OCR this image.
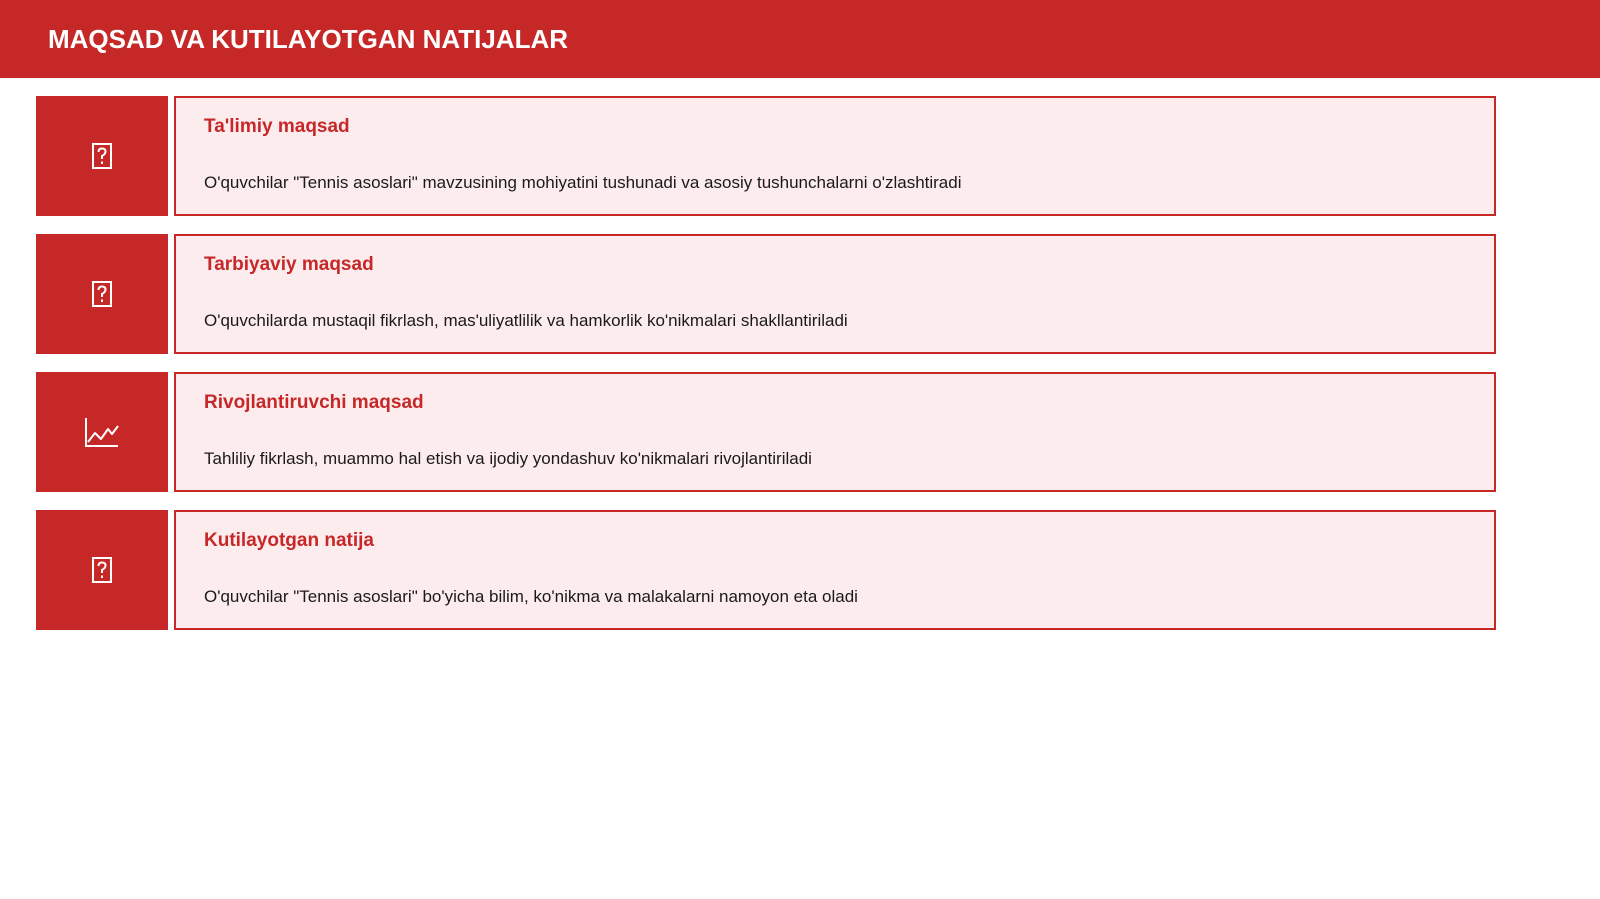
MAQSAD VA KUTILAYOTGAN NATIJALAR
Ta'limiy maqsad
O'quvchilar "Tennis asoslari" mavzusining mohiyatini tushunadi va asosiy tushunchalarni o'zlashtiradi
Tarbiyaviy maqsad
O'quvchilarda mustaqil fikrlash, mas'uliyatlilik va hamkorlik ko'nikmalari shakllantiriladi
Rivojlantiruvchi maqsad
Tahliliy fikrlash, muammo hal etish va ijodiy yondashuv ko'nikmalari rivojlantiriladi
Kutilayotgan natija
O'quvchilar "Tennis asoslari" bo'yicha bilim, ko'nikma va malakalarni namoyon eta oladi
